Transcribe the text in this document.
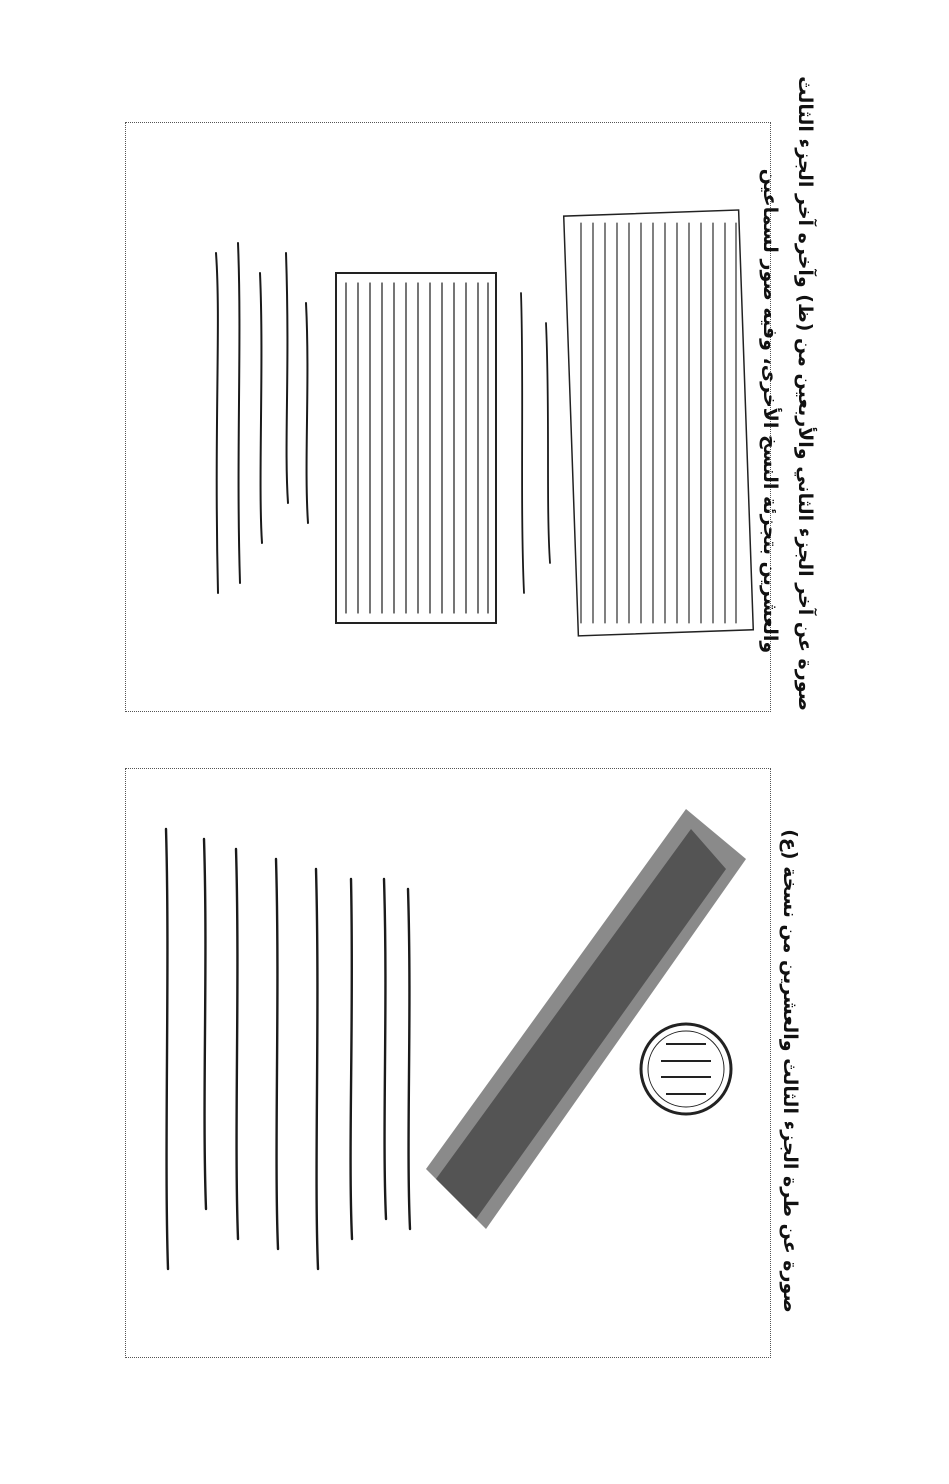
صورة عن آخر الجزء الثاني والأربعين من (ظ) وآخره آخر الجزء الثالث
والعشرين بتجزئة النسخ الأخرى، وفيه صور لسماعين
صورة عن طرة الجزء الثالث والعشرين من نسخة (ع)
